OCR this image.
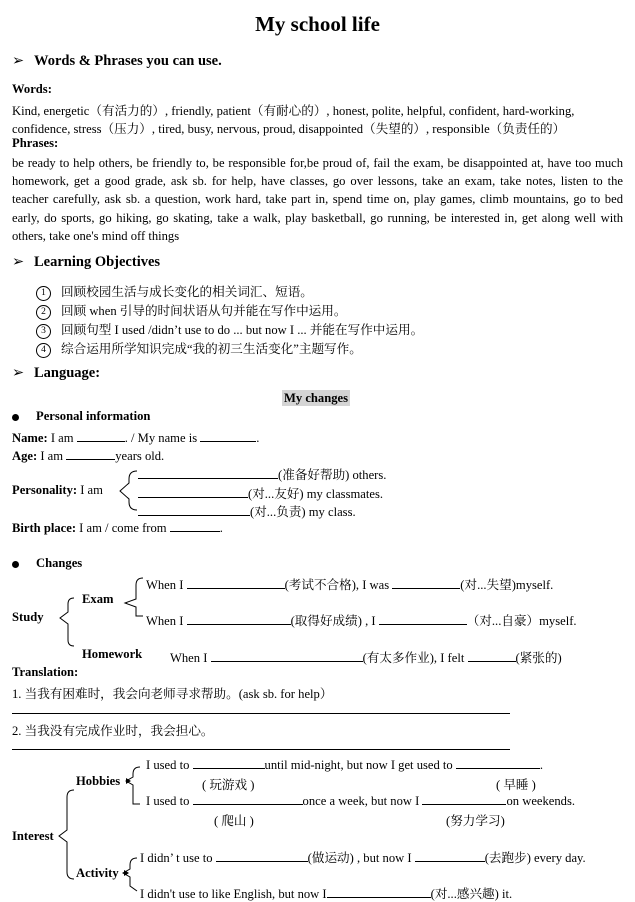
My school life
➢ Words & Phrases you can use.
Words:
Kind, energetic（有活力的）, friendly, patient（有耐心的）, honest, polite, helpful, confident, hard-working,
confidence, stress（压力）, tired, busy, nervous, proud, disappointed（失望的）, responsible（负责任的）
Phrases:
be ready to help others, be friendly to, be responsible for,be proud of, fail the exam, be disappointed at, have too much homework, get a good grade, ask sb. for help, have classes, go over lessons, take an exam, take notes, listen to the teacher carefully, ask sb. a question, work hard, take part in, spend time on, play games, climb mountains, go to bed early, do sports, go hiking, go skating, take a walk, play basketball, go running, be interested in, get along well with others, take one's mind off things
➢ Learning Objectives
1 回顾校园生活与成长变化的相关词汇、短语。
2 回顾 when 引导的时间状语从句并能在写作中运用。
3 回顾句型 I used /didn’t use to do ... but now I ... 并能在写作中运用。
4 综合运用所学知识完成“我的初三生活变化”主题写作。
➢ Language:
My changes
Personal information
Name: I am	. / My name is	.
Age: I am	years old.
Personality: I am
(准备好帮助) others.
(对...友好) my classmates.
(对...负责) my class.
Birth place: I am / come from	.
Changes
Study
Exam
Homework
When I	(考试不合格), I was	(对...失望)myself.
When I	(取得好成绩) , I	（对...自豪）myself.
When I	(有太多作业), I felt	(紧张的)
Translation:
1. 当我有困难时，我会向老师寻求帮助。(ask sb. for help）
2. 当我没有完成作业时，我会担心。
Interest
Hobbies
Activity
I used to	until mid-night, but now I get used to	.
( 玩游戏 )	( 早睡 )
I used to	once a week, but now I	on weekends.
( 爬山 )	(努力学习)
I didn’ t use to	(做运动) , but now I	(去跑步) every day.
I didn't use to like English, but now I	(对...感兴趣) it.
